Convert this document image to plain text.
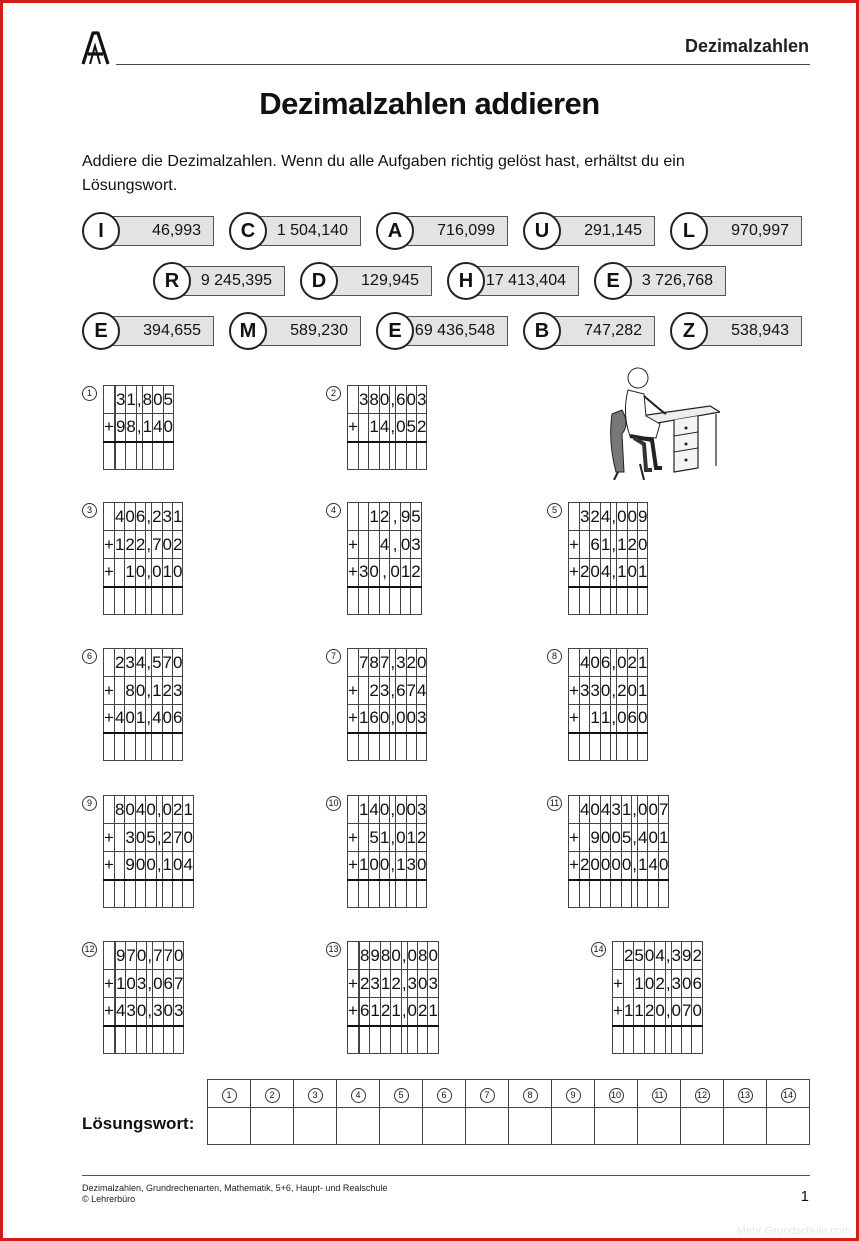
Dezimalzahlen
Dezimalzahlen addieren
Addiere die Dezimalzahlen. Wenn du alle Aufgaben richtig gelöst hast, erhältst du ein Lösungswort.
I	46,993	C	1 504,140	A	716,099	U	291,145	L	970,997
R	9 245,395	D	129,945	H 17 413,404	E	3 726,768
E	394,655	M	589,230	E 69 436,548	B	747,282	Z	538,943
1
		3	1	,	8	0	5
+		9	8	,	1	4	0

2
	3	8	0	,	6	0	3
+		1	4	,	0	5	2

3
	4	0	6	,	2	3	1
+	1	2	2	,	7	0	2
+		1	0	,	0	1	0

4
		1	2	,	9	5
+			4	,	0	3
+	3	0	,	0	1	2

5
	3	2	4	,	0	0	9
+		6	1	,	1	2	0
+	2	0	4	,	1	0	1

6
	2	3	4	,	5	7	0
+		8	0	,	1	2	3
+	4	0	1	,	4	0	6

7
	7	8	7	,	3	2	0
+		2	3	,	6	7	4
+	1	6	0	,	0	0	3

8
	4	0	6	,	0	2	1
+	3	3	0	,	2	0	1
+		1	1	,	0	6	0

9
	8	0	4	0	,	0	2	1
+		3	0	5	,	2	7	0
+		9	0	0	,	1	0	4

10
	1	4	0	,	0	0	3
+		5	1	,	0	1	2
+	1	0	0	,	1	3	0

11
	4	0	4	3	1	,	0	0	7
+		9	0	0	5	,	4	0	1
+	2	0	0	0	0	,	1	4	0

12
		9	7	0	,	7	7	0
+		1	0	3	,	0	6	7
+		4	3	0	,	3	0	3

13
		8	9	8	0	,	0	8	0
+		2	3	1	2	,	3	0	3
+		6	1	2	1	,	0	2	1

14
	2	5	0	4	,	3	9	2
+		1	0	2	,	3	0	6
+	1	1	2	0	,	0	7	0

Lösungswort:
1	2	3	4	5	6	7	8	9	10	11	12	13	14

Dezimalzahlen, Grundrechenarten, Mathematik, 5+6, Haupt- und Realschule
© Lehrerbüro	1
Mehr Grundschule.com
